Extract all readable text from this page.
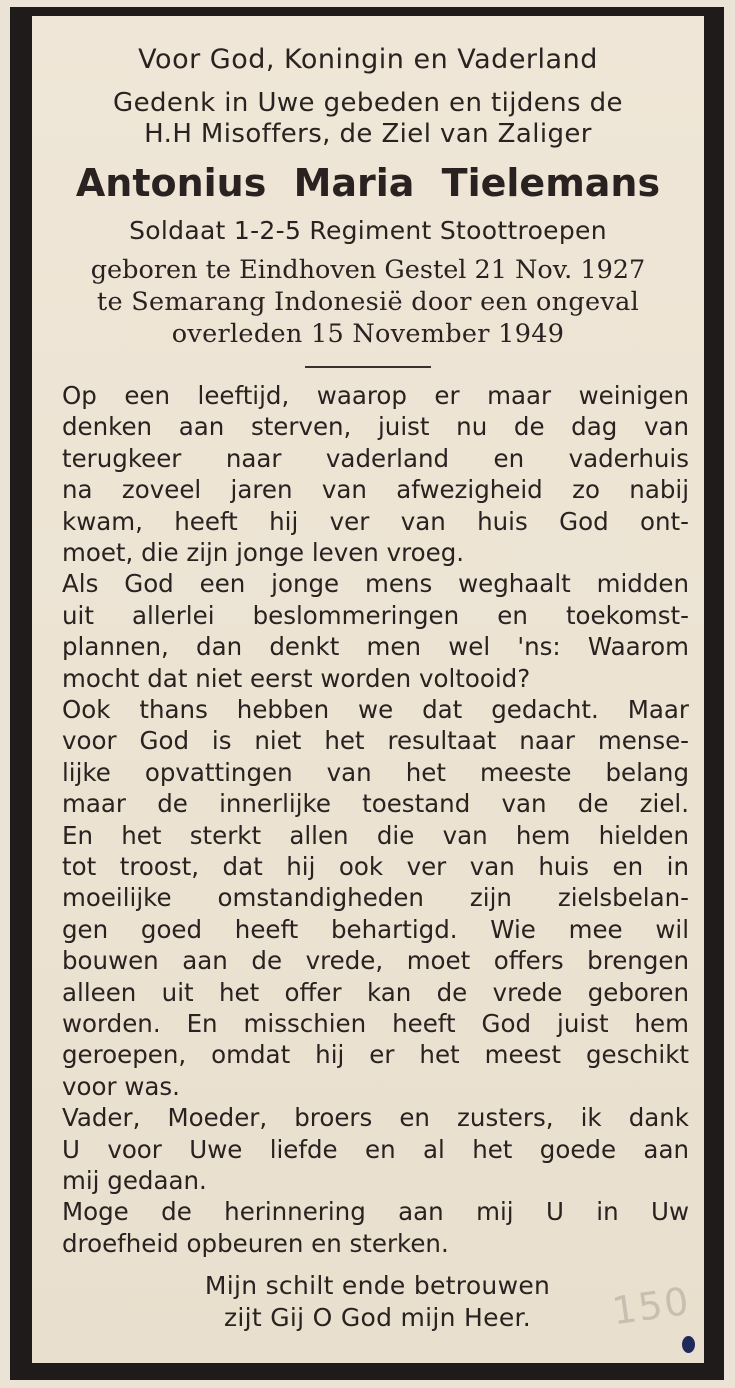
Voor God, Koningin en Vaderland
Gedenk in Uwe gebeden en tijdens de
H.H Misoffers, de Ziel van Zaliger
Antonius Maria Tielemans
Soldaat 1-2-5 Regiment Stoottroepen
geboren te Eindhoven Gestel 21 Nov. 1927
te Semarang Indonesië door een ongeval
overleden 15 November 1949
Op een leeftijd, waarop er maar weinigen
denken aan sterven, juist nu de dag van
terugkeer naar vaderland en vaderhuis
na zoveel jaren van afwezigheid zo nabij
kwam, heeft hij ver van huis God ont-
moet, die zijn jonge leven vroeg.
Als God een jonge mens weghaalt midden
uit allerlei beslommeringen en toekomst-
plannen, dan denkt men wel 'ns: Waarom
mocht dat niet eerst worden voltooid?
Ook thans hebben we dat gedacht. Maar
voor God is niet het resultaat naar mense-
lijke opvattingen van het meeste belang
maar de innerlijke toestand van de ziel.
En het sterkt allen die van hem hielden
tot troost, dat hij ook ver van huis en in
moeilijke omstandigheden zijn zielsbelan-
gen goed heeft behartigd. Wie mee wil
bouwen aan de vrede, moet offers brengen
alleen uit het offer kan de vrede geboren
worden. En misschien heeft God juist hem
geroepen, omdat hij er het meest geschikt
voor was.
Vader, Moeder, broers en zusters, ik dank
U voor Uwe liefde en al het goede aan
mij gedaan.
Moge de herinnering aan mij U in Uw
droefheid opbeuren en sterken.
Mijn schilt ende betrouwen
zijt Gij O God mijn Heer.	150
